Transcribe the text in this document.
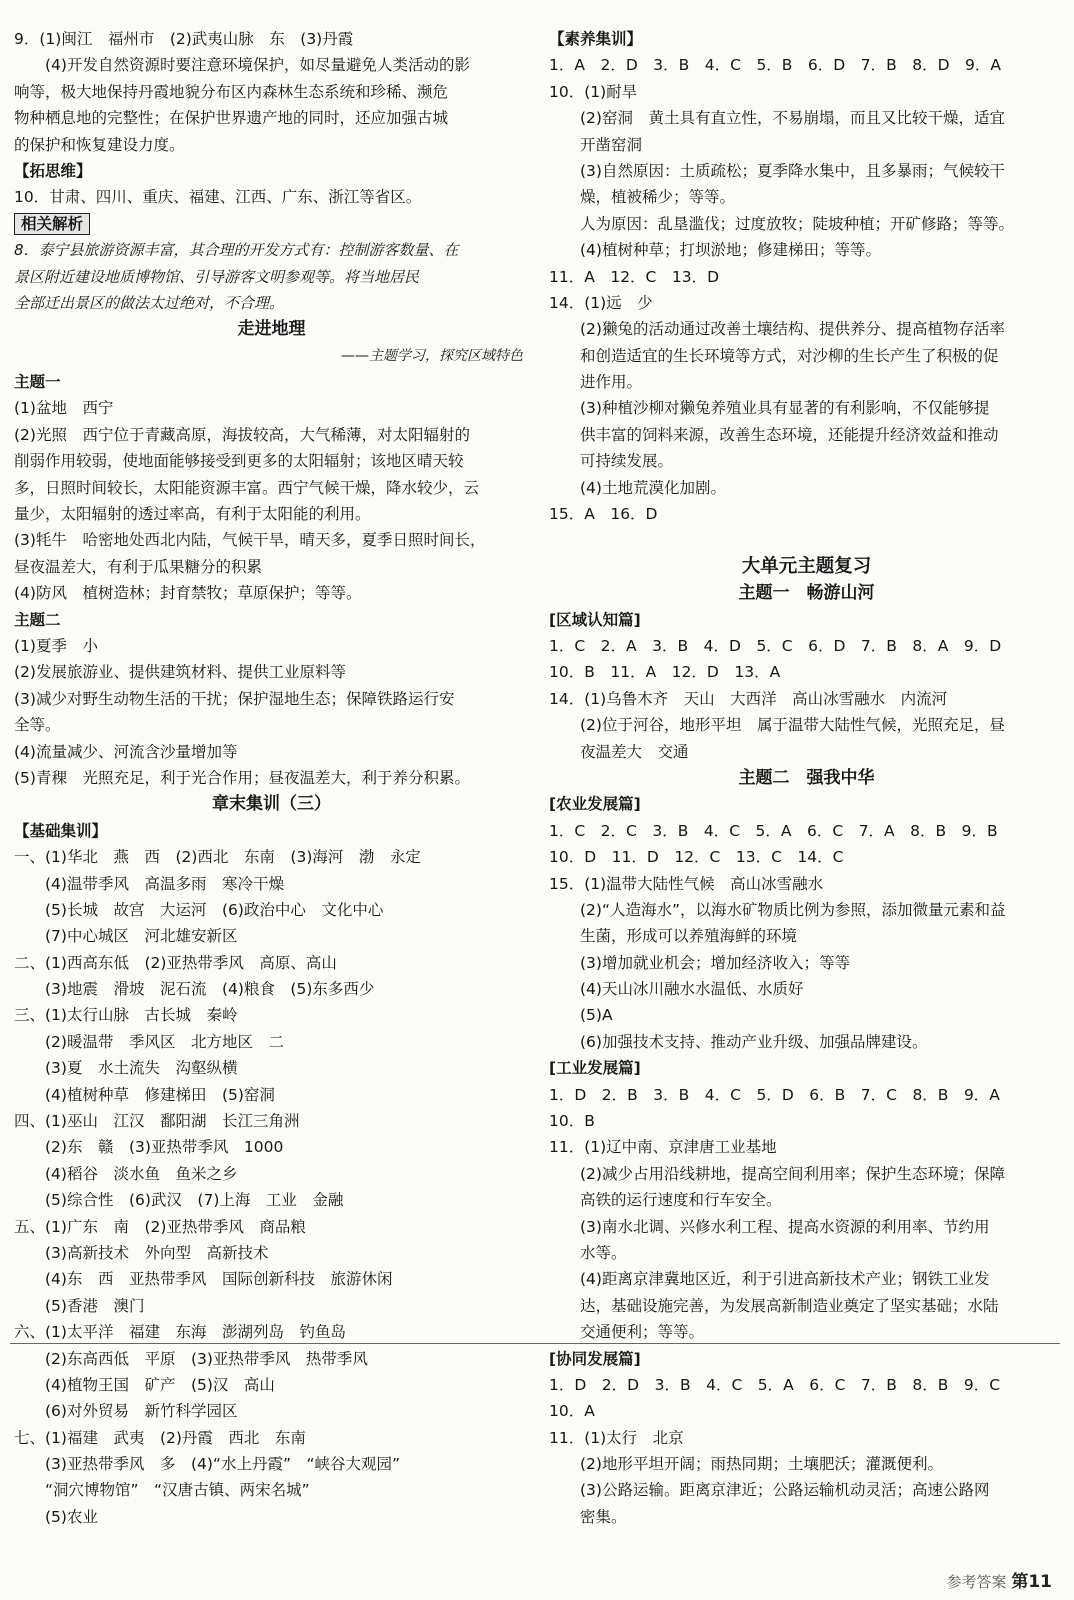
9．(1)闽江　福州市　(2)武夷山脉　东　(3)丹霞
(4)开发自然资源时要注意环境保护，如尽量避免人类活动的影
响等，极大地保持丹霞地貌分布区内森林生态系统和珍稀、濒危
物种栖息地的完整性；在保护世界遗产地的同时，还应加强古城
的保护和恢复建设力度。
【拓思维】
10．甘肃、四川、重庆、福建、江西、广东、浙江等省区。
相关解析
8．泰宁县旅游资源丰富，其合理的开发方式有：控制游客数量、在
景区附近建设地质博物馆、引导游客文明参观等。将当地居民
全部迁出景区的做法太过绝对，不合理。
走进地理
——主题学习，探究区域特色
主题一
(1)盆地　西宁
(2)光照　西宁位于青藏高原，海拔较高，大气稀薄，对太阳辐射的
削弱作用较弱，使地面能够接受到更多的太阳辐射；该地区晴天较
多，日照时间较长，太阳能资源丰富。西宁气候干燥，降水较少，云
量少，太阳辐射的透过率高，有利于太阳能的利用。
(3)牦牛　哈密地处西北内陆，气候干旱，晴天多，夏季日照时间长，
昼夜温差大，有利于瓜果糖分的积累
(4)防风　植树造林；封育禁牧；草原保护；等等。
主题二
(1)夏季　小
(2)发展旅游业、提供建筑材料、提供工业原料等
(3)减少对野生动物生活的干扰；保护湿地生态；保障铁路运行安
全等。
(4)流量减少、河流含沙量增加等
(5)青稞　光照充足，利于光合作用；昼夜温差大，利于养分积累。
章末集训（三）
【基础集训】
一、(1)华北　燕　西　(2)西北　东南　(3)海河　渤　永定
(4)温带季风　高温多雨　寒冷干燥
(5)长城　故宫　大运河　(6)政治中心　文化中心
(7)中心城区　河北雄安新区
二、(1)西高东低　(2)亚热带季风　高原、高山
(3)地震　滑坡　泥石流　(4)粮食　(5)东多西少
三、(1)太行山脉　古长城　秦岭
(2)暖温带　季风区　北方地区　二
(3)夏　水土流失　沟壑纵横
(4)植树种草　修建梯田　(5)窑洞
四、(1)巫山　江汉　鄱阳湖　长江三角洲
(2)东　赣　(3)亚热带季风　1000
(4)稻谷　淡水鱼　鱼米之乡
(5)综合性　(6)武汉　(7)上海　工业　金融
五、(1)广东　南　(2)亚热带季风　商品粮
(3)高新技术　外向型　高新技术
(4)东　西　亚热带季风　国际创新科技　旅游休闲
(5)香港　澳门
六、(1)太平洋　福建　东海　澎湖列岛　钓鱼岛
(2)东高西低　平原　(3)亚热带季风　热带季风
(4)植物王国　矿产　(5)汉　高山
(6)对外贸易　新竹科学园区
七、(1)福建　武夷　(2)丹霞　西北　东南
(3)亚热带季风　多　(4)“水上丹霞”　“峡谷大观园”
“洞穴博物馆”　“汉唐古镇、两宋名城”
(5)农业
【素养集训】
1．A　2．D　3．B　4．C　5．B　6．D　7．B　8．D　9．A
10．(1)耐旱
(2)窑洞　黄土具有直立性，不易崩塌，而且又比较干燥，适宜
开凿窑洞
(3)自然原因：土质疏松；夏季降水集中，且多暴雨；气候较干
燥，植被稀少；等等。
人为原因：乱垦滥伐；过度放牧；陡坡种植；开矿修路；等等。
(4)植树种草；打坝淤地；修建梯田；等等。
11．A　12．C　13．D
14．(1)远　少
(2)獭兔的活动通过改善土壤结构、提供养分、提高植物存活率
和创造适宜的生长环境等方式，对沙柳的生长产生了积极的促
进作用。
(3)种植沙柳对獭兔养殖业具有显著的有利影响，不仅能够提
供丰富的饲料来源，改善生态环境，还能提升经济效益和推动
可持续发展。
(4)土地荒漠化加剧。
15．A　16．D
大单元主题复习
主题一　畅游山河
[区域认知篇]
1．C　2．A　3．B　4．D　5．C　6．D　7．B　8．A　9．D
10．B　11．A　12．D　13．A
14．(1)乌鲁木齐　天山　大西洋　高山冰雪融水　内流河
(2)位于河谷，地形平坦　属于温带大陆性气候，光照充足，昼
夜温差大　交通
主题二　强我中华
[农业发展篇]
1．C　2．C　3．B　4．C　5．A　6．C　7．A　8．B　9．B
10．D　11．D　12．C　13．C　14．C
15．(1)温带大陆性气候　高山冰雪融水
(2)“人造海水”，以海水矿物质比例为参照，添加微量元素和益
生菌，形成可以养殖海鲜的环境
(3)增加就业机会；增加经济收入；等等
(4)天山冰川融水水温低、水质好
(5)A
(6)加强技术支持、推动产业升级、加强品牌建设。
[工业发展篇]
1．D　2．B　3．B　4．C　5．D　6．B　7．C　8．B　9．A
10．B
11．(1)辽中南、京津唐工业基地
(2)减少占用沿线耕地，提高空间利用率；保护生态环境；保障
高铁的运行速度和行车安全。
(3)南水北调、兴修水利工程、提高水资源的利用率、节约用
水等。
(4)距离京津冀地区近，利于引进高新技术产业；钢铁工业发
达，基础设施完善，为发展高新制造业奠定了坚实基础；水陆
交通便利；等等。
[协同发展篇]
1．D　2．D　3．B　4．C　5．A　6．C　7．B　8．B　9．C
10．A
11．(1)太行　北京
(2)地形平坦开阔；雨热同期；土壤肥沃；灌溉便利。
(3)公路运输。距离京津近；公路运输机动灵活；高速公路网
密集。
参考答案 第11
